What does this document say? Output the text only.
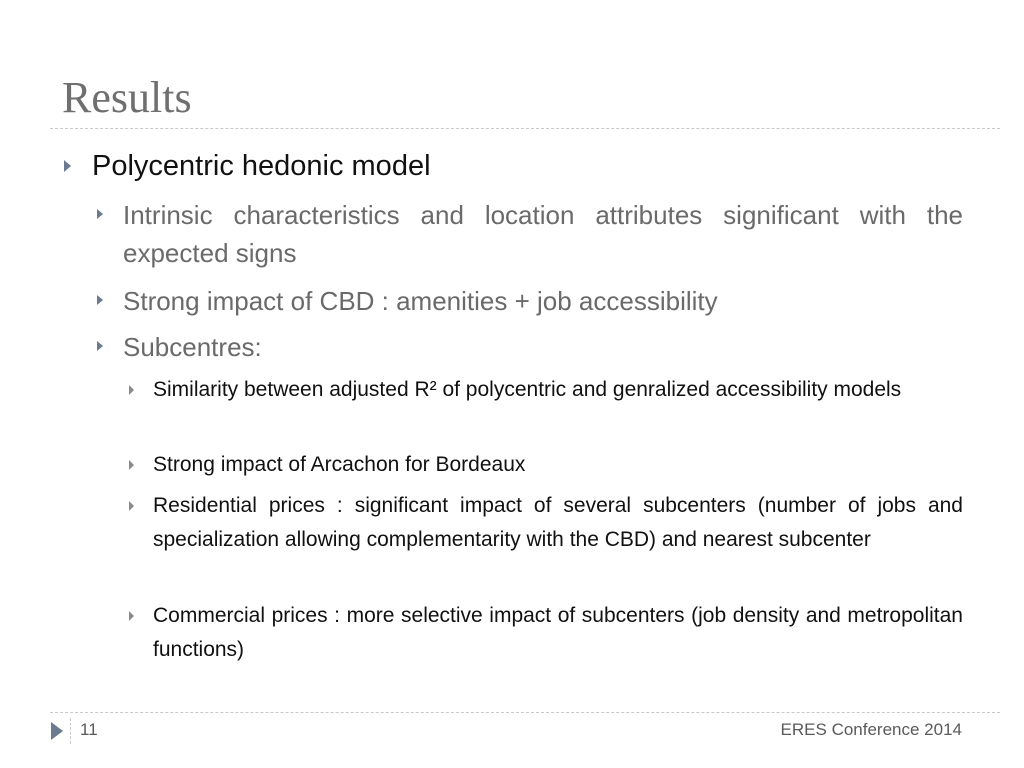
Results
Polycentric hedonic model
Intrinsic characteristics and location attributes significant with the expected signs
Strong impact of CBD : amenities + job accessibility
Subcentres:
Similarity between adjusted R² of polycentric and genralized accessibility models
Strong impact of Arcachon for Bordeaux
Residential prices : significant impact of several subcenters (number of jobs and specialization allowing complementarity with the CBD) and nearest subcenter
Commercial prices : more selective impact of subcenters (job density and metropolitan functions)
11	ERES Conference 2014
